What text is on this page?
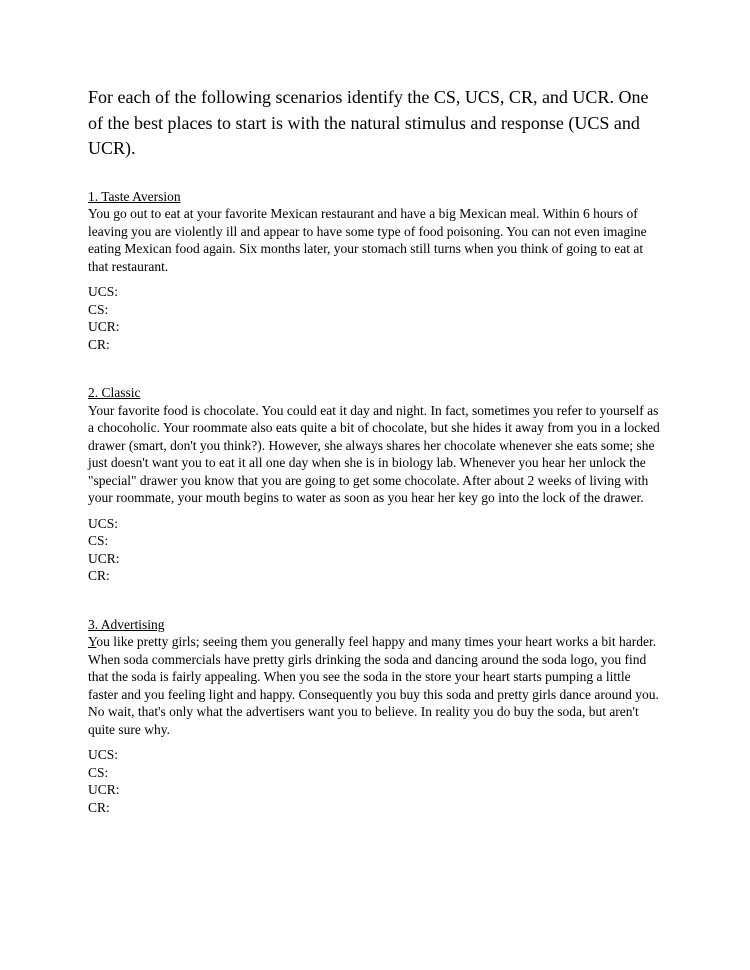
For each of the following scenarios identify the CS, UCS, CR, and UCR. One of the best places to start is with the natural stimulus and response (UCS and UCR).

1. Taste Aversion

You go out to eat at your favorite Mexican restaurant and have a big Mexican meal. Within 6 hours of leaving you are violently ill and appear to have some type of food poisoning. You can not even imagine eating Mexican food again. Six months later, your stomach still turns when you think of going to eat at that restaurant.

UCS:
CS:
UCR:
CR:
2. Classic

Your favorite food is chocolate. You could eat it day and night. In fact, sometimes you refer to yourself as a chocoholic. Your roommate also eats quite a bit of chocolate, but she hides it away from you in a locked drawer (smart, don't you think?). However, she always shares her chocolate whenever she eats some; she just doesn't want you to eat it all one day when she is in biology lab. Whenever you hear her unlock the "special" drawer you know that you are going to get some chocolate. After about 2 weeks of living with your roommate, your mouth begins to water as soon as you hear her key go into the lock of the drawer.

UCS:
CS:
UCR:
CR:
3. Advertising

You like pretty girls; seeing them you generally feel happy and many times your heart works a bit harder. When soda commercials have pretty girls drinking the soda and dancing around the soda logo, you find that the soda is fairly appealing. When you see the soda in the store your heart starts pumping a little faster and you feeling light and happy. Consequently you buy this soda and pretty girls dance around you. No wait, that's only what the advertisers want you to believe. In reality you do buy the soda, but aren't quite sure why.

UCS:
CS:
UCR:
CR:
